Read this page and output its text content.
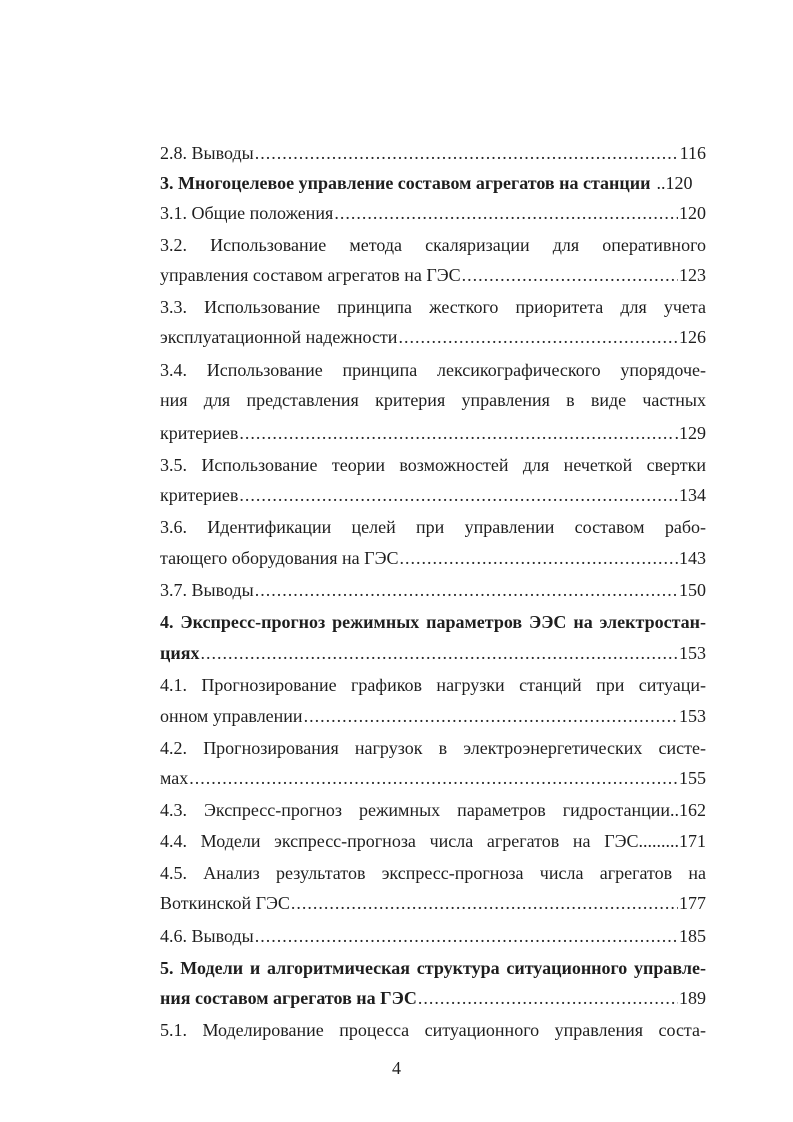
2.8. Выводы .....	116
3. Многоцелевое управление составом агрегатов на станции ..120
3.1. Общие положения .....	120
3.2. Использование метода скаляризации для оперативного
управления составом агрегатов на ГЭС .....	123
3.3. Использование принципа жесткого приоритета для учета
эксплуатационной надежности .....	126
3.4. Использование принципа лексикографического упорядоче-
ния для представления критерия управления в виде частных
критериев .....	.129
3.5. Использование теории возможностей для нечеткой свертки
критериев .....	134
3.6. Идентификации целей при управлении составом рабо-
тающего оборудования на ГЭС .....	143
3.7. Выводы .....	150
4. Экспресс-прогноз режимных параметров ЭЭС на электростан-
циях .....	153
4.1. Прогнозирование графиков нагрузки станций при ситуаци-
онном управлении .....	153
4.2. Прогнозирования нагрузок в электроэнергетических систе-
мах .....	155
4.3. Экспресс-прогноз режимных параметров гидростанции..162
4.4. Модели экспресс-прогноза числа агрегатов на ГЭС.........171
4.5. Анализ результатов экспресс-прогноза числа агрегатов на
Воткинской ГЭС .....	177
4.6. Выводы .....	185
5. Модели и алгоритмическая структура ситуационного управле-
ния составом агрегатов на ГЭС .....	189
5.1. Моделирование процесса ситуационного управления соста-
4
